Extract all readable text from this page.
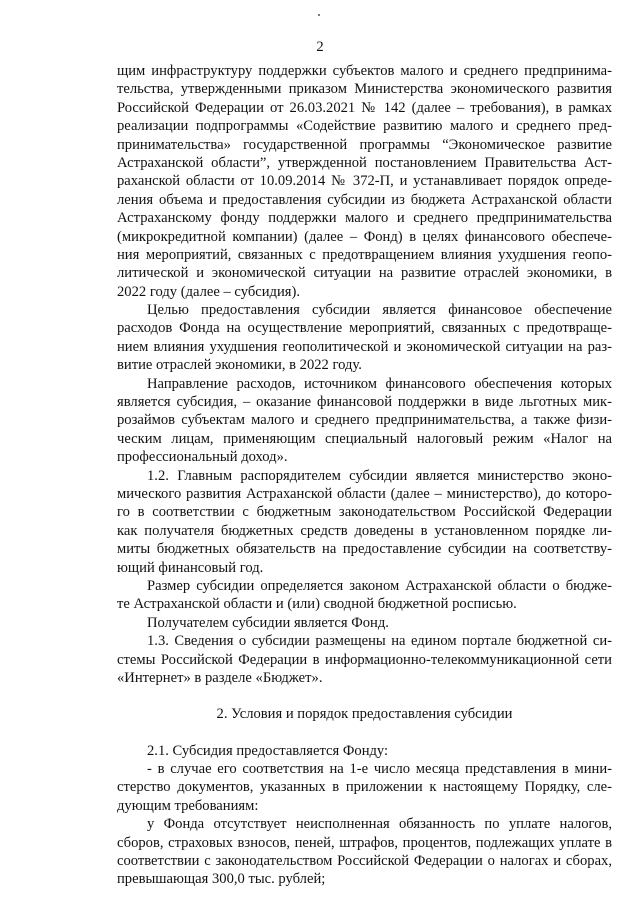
2
щим инфраструктуру поддержки субъектов малого и среднего предпринима-
тельства, утвержденными приказом Министерства экономического развития
Российской Федерации от 26.03.2021 № 142 (далее – требования), в рамках
реализации подпрограммы «Содействие развитию малого и среднего пред-
принимательства» государственной программы “Экономическое развитие
Астраханской области”, утвержденной постановлением Правительства Аст-
раханской области от 10.09.2014 № 372-П, и устанавливает порядок опреде-
ления объема и предоставления субсидии из бюджета Астраханской области
Астраханскому фонду поддержки малого и среднего предпринимательства
(микрокредитной компании) (далее – Фонд) в целях финансового обеспече-
ния мероприятий, связанных с предотвращением влияния ухудшения геопо-
литической и экономической ситуации на развитие отраслей экономики, в
2022 году (далее – субсидия).
Целью предоставления субсидии является финансовое обеспечение
расходов Фонда на осуществление мероприятий, связанных с предотвраще-
нием влияния ухудшения геополитической и экономической ситуации на раз-
витие отраслей экономики, в 2022 году.
Направление расходов, источником финансового обеспечения которых
является субсидия, – оказание финансовой поддержки в виде льготных мик-
розаймов субъектам малого и среднего предпринимательства, а также физи-
ческим лицам, применяющим специальный налоговый режим «Налог на
профессиональный доход».
1.2. Главным распорядителем субсидии является министерство эконо-
мического развития Астраханской области (далее – министерство), до которо-
го в соответствии с бюджетным законодательством Российской Федерации
как получателя бюджетных средств доведены в установленном порядке ли-
миты бюджетных обязательств на предоставление субсидии на соответству-
ющий финансовый год.
Размер субсидии определяется законом Астраханской области о бюдже-
те Астраханской области и (или) сводной бюджетной росписью.
Получателем субсидии является Фонд.
1.3. Сведения о субсидии размещены на едином портале бюджетной си-
стемы Российской Федерации в информационно-телекоммуникационной сети
«Интернет» в разделе «Бюджет».
2. Условия и порядок предоставления субсидии
2.1. Субсидия предоставляется Фонду:
- в случае его соответствия на 1-е число месяца представления в мини-
стерство документов, указанных в приложении к настоящему Порядку, сле-
дующим требованиям:
у Фонда отсутствует неисполненная обязанность по уплате налогов,
сборов, страховых взносов, пеней, штрафов, процентов, подлежащих уплате в
соответствии с законодательством Российской Федерации о налогах и сборах,
превышающая 300,0 тыс. рублей;
